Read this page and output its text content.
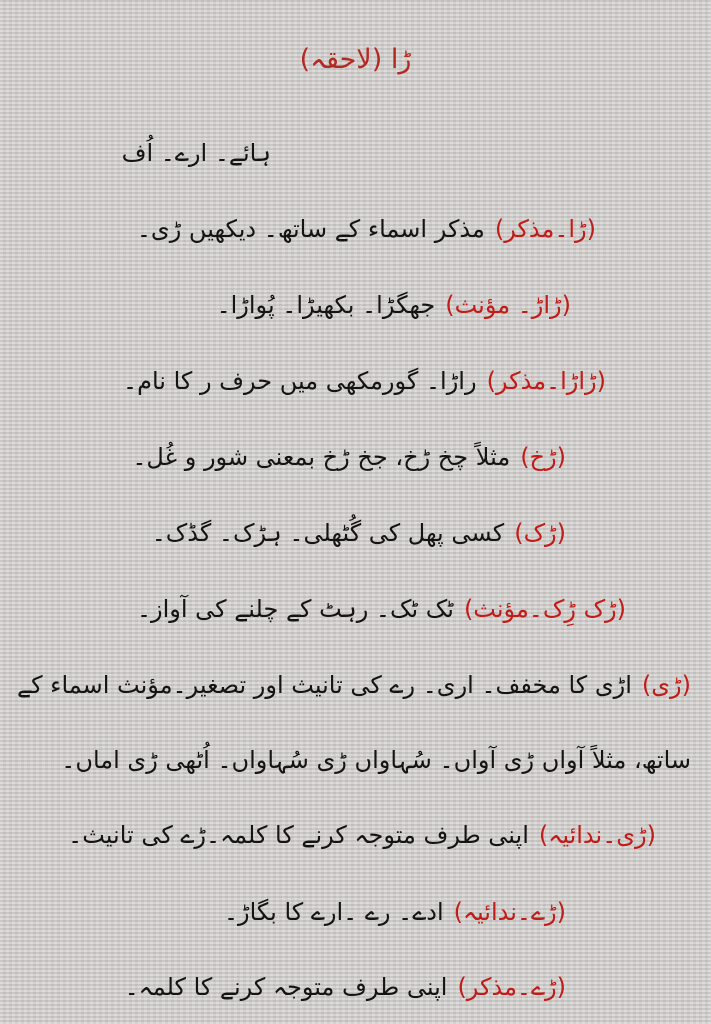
ڑا (لاحقہ)
ہائے۔ ارے۔ اُف
(ڑا۔مذکر)مذکر اسماء کے ساتھ۔ دیکھیں ڑی۔
(ڑاڑ۔ مؤنث)جھگڑا۔ بکھیڑا۔ پُواڑا۔
(ڑاڑا۔مذکر)راڑا۔ گورمکھی میں حرف ر کا نام۔
(ڑخ)مثلاً چخ ڑخ، جخ ڑخ بمعنی شور و غُل۔
(ڑک)کسی پھل کی گُٹھلی۔ ہڑک۔ گڈک۔
(ڑک ڑِک۔مؤنث)ٹک ٹک۔ رہٹ کے چلنے کی آواز۔
(ڑی)اڑی کا مخفف۔ اری۔ رے کی تانیث اور تصغیر۔مؤنث اسماء کے
ساتھ، مثلاً آواں ڑی آواں۔ سُہاواں ڑی سُہاواں۔ اُٹھی ڑی اماں۔
(ڑی۔ندائیہ)اپنی طرف متوجہ کرنے کا کلمہ۔ڑے کی تانیث۔
(ڑے۔ندائیہ)ادے۔ رے ۔ارے کا بگاڑ۔
(ڑے۔مذکر)اپنی طرف متوجہ کرنے کا کلمہ۔
